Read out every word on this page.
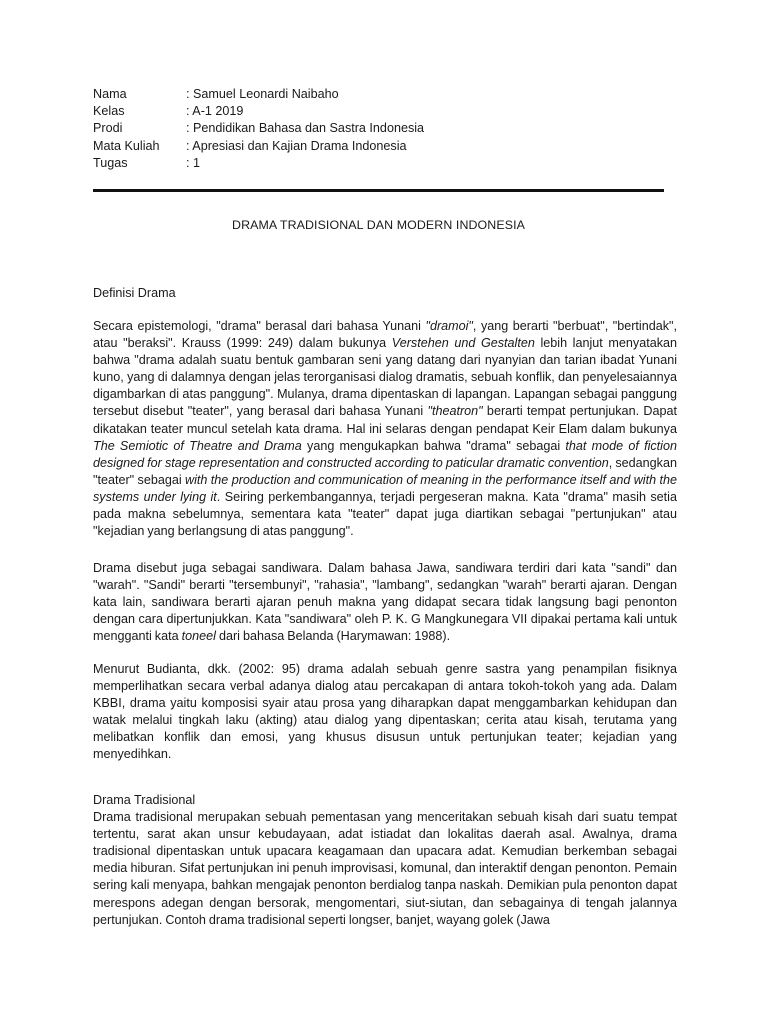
Nama	: Samuel Leonardi Naibaho
Kelas	: A-1 2019
Prodi	: Pendidikan Bahasa dan Sastra Indonesia
Mata Kuliah	: Apresiasi dan Kajian Drama Indonesia
Tugas	: 1
DRAMA TRADISIONAL DAN MODERN INDONESIA

Definisi Drama

Secara epistemologi, "drama" berasal dari bahasa Yunani "dramoi", yang berarti "berbuat", "bertindak", atau "beraksi". Krauss (1999: 249) dalam bukunya Verstehen und Gestalten lebih lanjut menyatakan bahwa "drama adalah suatu bentuk gambaran seni yang datang dari nyanyian dan tarian ibadat Yunani kuno, yang di dalamnya dengan jelas terorganisasi dialog dramatis, sebuah konflik, dan penyelesaiannya digambarkan di atas panggung". Mulanya, drama dipentaskan di lapangan. Lapangan sebagai panggung tersebut disebut "teater", yang berasal dari bahasa Yunani "theatron" berarti tempat pertunjukan. Dapat dikatakan teater muncul setelah kata drama. Hal ini selaras dengan pendapat Keir Elam dalam bukunya The Semiotic of Theatre and Drama yang mengukapkan bahwa "drama" sebagai that mode of fiction designed for stage representation and constructed according to paticular dramatic convention, sedangkan "teater" sebagai with the production and communication of meaning in the performance itself and with the systems under lying it. Seiring perkembangannya, terjadi pergeseran makna. Kata "drama" masih setia pada makna sebelumnya, sementara kata "teater" dapat juga diartikan sebagai "pertunjukan" atau "kejadian yang berlangsung di atas panggung".

Drama disebut juga sebagai sandiwara. Dalam bahasa Jawa, sandiwara terdiri dari kata "sandi" dan "warah". "Sandi" berarti "tersembunyi", "rahasia", "lambang", sedangkan "warah" berarti ajaran. Dengan kata lain, sandiwara berarti ajaran penuh makna yang didapat secara tidak langsung bagi penonton dengan cara dipertunjukkan. Kata "sandiwara" oleh P. K. G Mangkunegara VII dipakai pertama kali untuk mengganti kata toneel dari bahasa Belanda (Harymawan: 1988).

Menurut Budianta, dkk. (2002: 95) drama adalah sebuah genre sastra yang penampilan fisiknya memperlihatkan secara verbal adanya dialog atau percakapan di antara tokoh-tokoh yang ada. Dalam KBBI, drama yaitu komposisi syair atau prosa yang diharapkan dapat menggambarkan kehidupan dan watak melalui tingkah laku (akting) atau dialog yang dipentaskan; cerita atau kisah, terutama yang melibatkan konflik dan emosi, yang khusus disusun untuk pertunjukan teater; kejadian yang menyedihkan.

Drama Tradisional

Drama tradisional merupakan sebuah pementasan yang menceritakan sebuah kisah dari suatu tempat tertentu, sarat akan unsur kebudayaan, adat istiadat dan lokalitas daerah asal. Awalnya, drama tradisional dipentaskan untuk upacara keagamaan dan upacara adat. Kemudian berkemban sebagai media hiburan. Sifat pertunjukan ini penuh improvisasi, komunal, dan interaktif dengan penonton. Pemain sering kali menyapa, bahkan mengajak penonton berdialog tanpa naskah. Demikian pula penonton dapat merespons adegan dengan bersorak, mengomentari, siut-siutan, dan sebagainya di tengah jalannya pertunjukan. Contoh drama tradisional seperti longser, banjet, wayang golek (Jawa
